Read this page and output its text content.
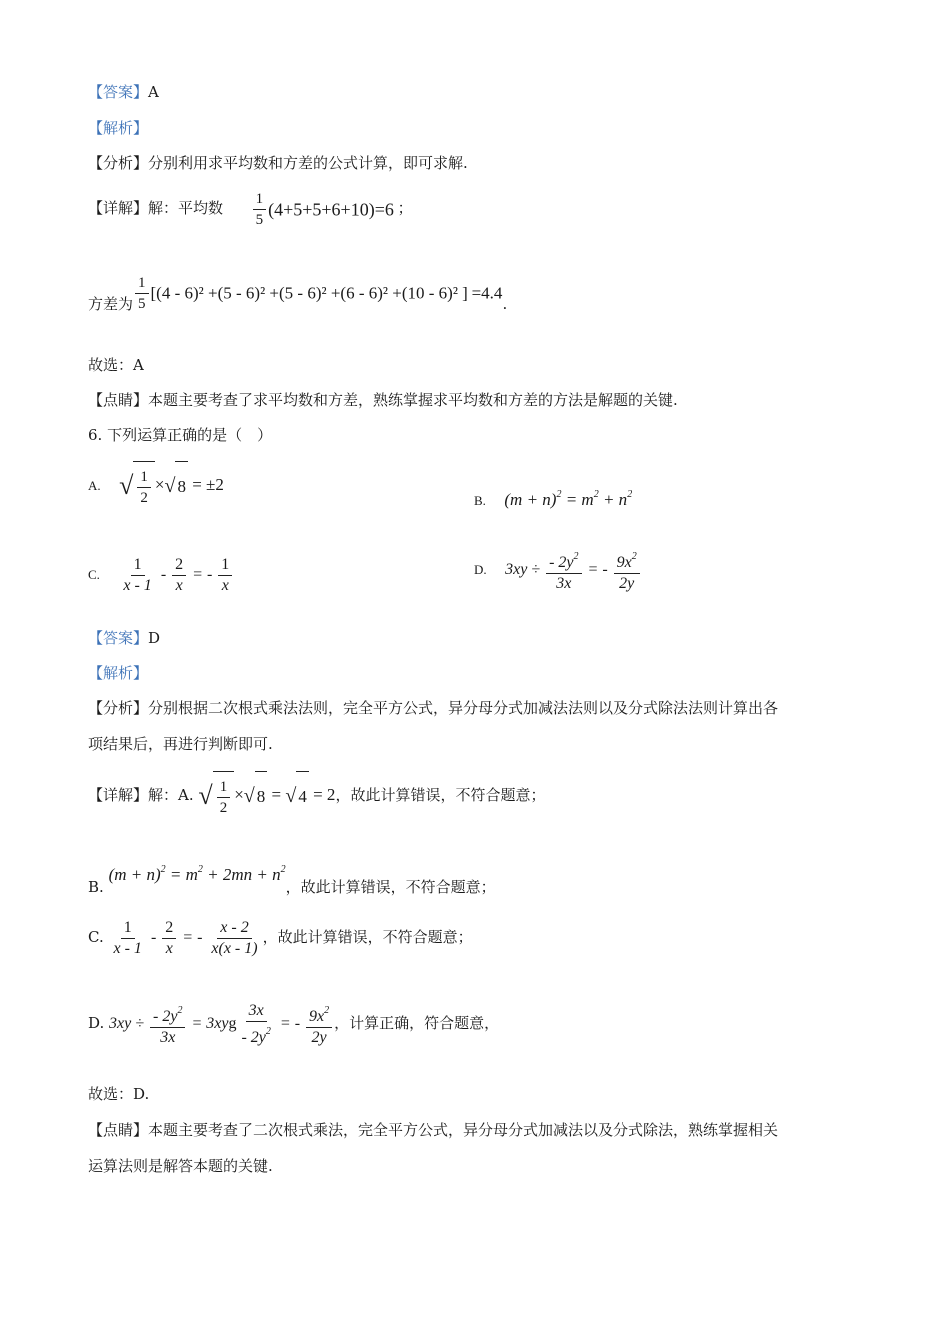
【答案】A
【解析】
【分析】分别利用求平均数和方差的公式计算，即可求解.
【详解】解：平均数 $\frac{1}{5} (4+5+5+6+10)=6$ ；
方差为 $\frac{1}{5} [(4 - 6)^2 +(5 - 6)^2 +(5 - 6)^2 +(6 - 6)^2 +(10 - 6)^2$ ] =4.4.
故选：A
【点睛】本题主要考查了求平均数和方差，熟练掌握求平均数和方差的方法是解题的关键.
6. 下列运算正确的是（　）
A. √ $\frac{1}{2}$ × √ 8 = ±2
B. $(m + n)^2 = m^2 + n^2$
C. $\frac{1}{x - 1} - \frac{2}{x}$ = - $\frac{1}{x}$	D. $3xy \div \frac{- 2y^2}{3x}$ = - $\frac{9x^2}{2y}$
【答案】D
【解析】
【分析】分别根据二次根式乘法法则，完全平方公式，异分母分式加减法法则以及分式除法法则计算出各
项结果后，再进行判断即可.
【详解】解：A. √ $\frac{1}{2}$ × √ 8 = √ 4 = 2，故此计算错误，不符合题意；
B. $(m + n)^2 = m^2 + 2mn + n^2$，故此计算错误，不符合题意；
C. $\frac{1}{x - 1} - \frac{2}{x}$ = - $\frac{x - 2}{x(x - 1)}$ ，故此计算错误，不符合题意；
D. $3xy \div \frac{- 2y^2}{3x} = 3xyg \frac{3x}{- 2y^2}$ = - $\frac{9x^2}{2y}$ ，计算正确，符合题意，
故选：D.
【点睛】本题主要考查了二次根式乘法，完全平方公式，异分母分式加减法以及分式除法，熟练掌握相关
运算法则是解答本题的关键.
